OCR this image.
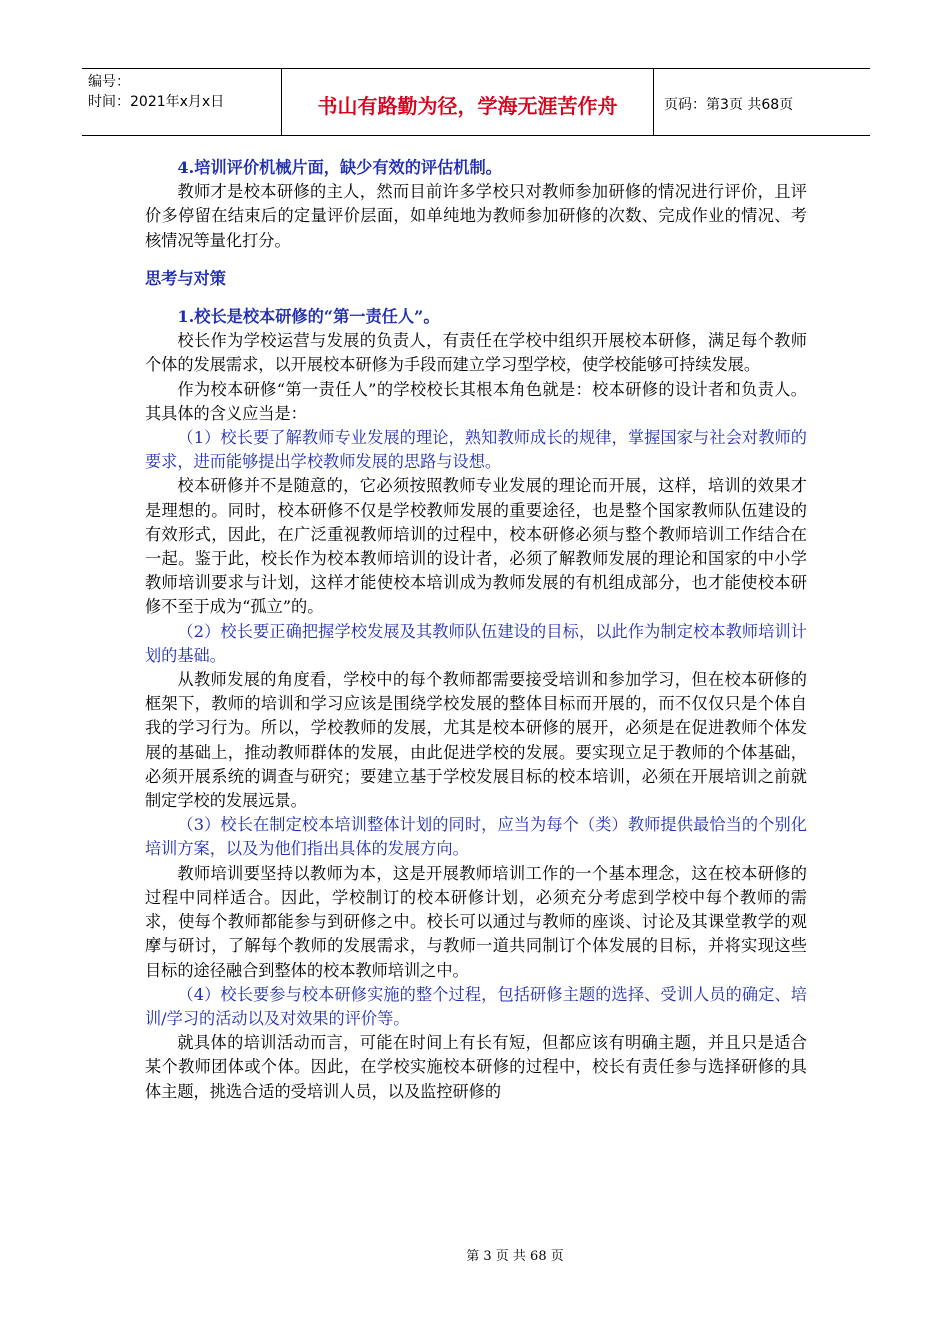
编号：
时间：2021年x月x日	书山有路勤为径，学海无涯苦作舟	页码：第3页 共68页

4.培训评价机械片面，缺少有效的评估机制。

教师才是校本研修的主人，然而目前许多学校只对教师参加研修的情况进行评价，且评价多停留在结束后的定量评价层面，如单纯地为教师参加研修的次数、完成作业的情况、考核情况等量化打分。

思考与对策

1.校长是校本研修的“第一责任人”。

校长作为学校运营与发展的负责人，有责任在学校中组织开展校本研修，满足每个教师个体的发展需求，以开展校本研修为手段而建立学习型学校，使学校能够可持续发展。

作为校本研修“第一责任人”的学校校长其根本角色就是：校本研修的设计者和负责人。其具体的含义应当是：

（1）校长要了解教师专业发展的理论，熟知教师成长的规律，掌握国家与社会对教师的要求，进而能够提出学校教师发展的思路与设想。

校本研修并不是随意的，它必须按照教师专业发展的理论而开展，这样，培训的效果才是理想的。同时，校本研修不仅是学校教师发展的重要途径，也是整个国家教师队伍建设的有效形式，因此，在广泛重视教师培训的过程中，校本研修必须与整个教师培训工作结合在一起。鉴于此，校长作为校本教师培训的设计者，必须了解教师发展的理论和国家的中小学教师培训要求与计划，这样才能使校本培训成为教师发展的有机组成部分，也才能使校本研修不至于成为“孤立”的。

（2）校长要正确把握学校发展及其教师队伍建设的目标，以此作为制定校本教师培训计划的基础。

从教师发展的角度看，学校中的每个教师都需要接受培训和参加学习，但在校本研修的框架下，教师的培训和学习应该是围绕学校发展的整体目标而开展的，而不仅仅只是个体自我的学习行为。所以，学校教师的发展，尤其是校本研修的展开，必须是在促进教师个体发展的基础上，推动教师群体的发展，由此促进学校的发展。要实现立足于教师的个体基础，必须开展系统的调查与研究；要建立基于学校发展目标的校本培训，必须在开展培训之前就制定学校的发展远景。

（3）校长在制定校本培训整体计划的同时，应当为每个（类）教师提供最恰当的个别化培训方案，以及为他们指出具体的发展方向。

教师培训要坚持以教师为本，这是开展教师培训工作的一个基本理念，这在校本研修的过程中同样适合。因此，学校制订的校本研修计划，必须充分考虑到学校中每个教师的需求，使每个教师都能参与到研修之中。校长可以通过与教师的座谈、讨论及其课堂教学的观摩与研讨，了解每个教师的发展需求，与教师一道共同制订个体发展的目标，并将实现这些目标的途径融合到整体的校本教师培训之中。

（4）校长要参与校本研修实施的整个过程，包括研修主题的选择、受训人员的确定、培训/学习的活动以及对效果的评价等。

就具体的培训活动而言，可能在时间上有长有短，但都应该有明确主题，并且只是适合某个教师团体或个体。因此，在学校实施校本研修的过程中，校长有责任参与选择研修的具体主题，挑选合适的受培训人员，以及监控研修的

第 3 页 共 68 页
